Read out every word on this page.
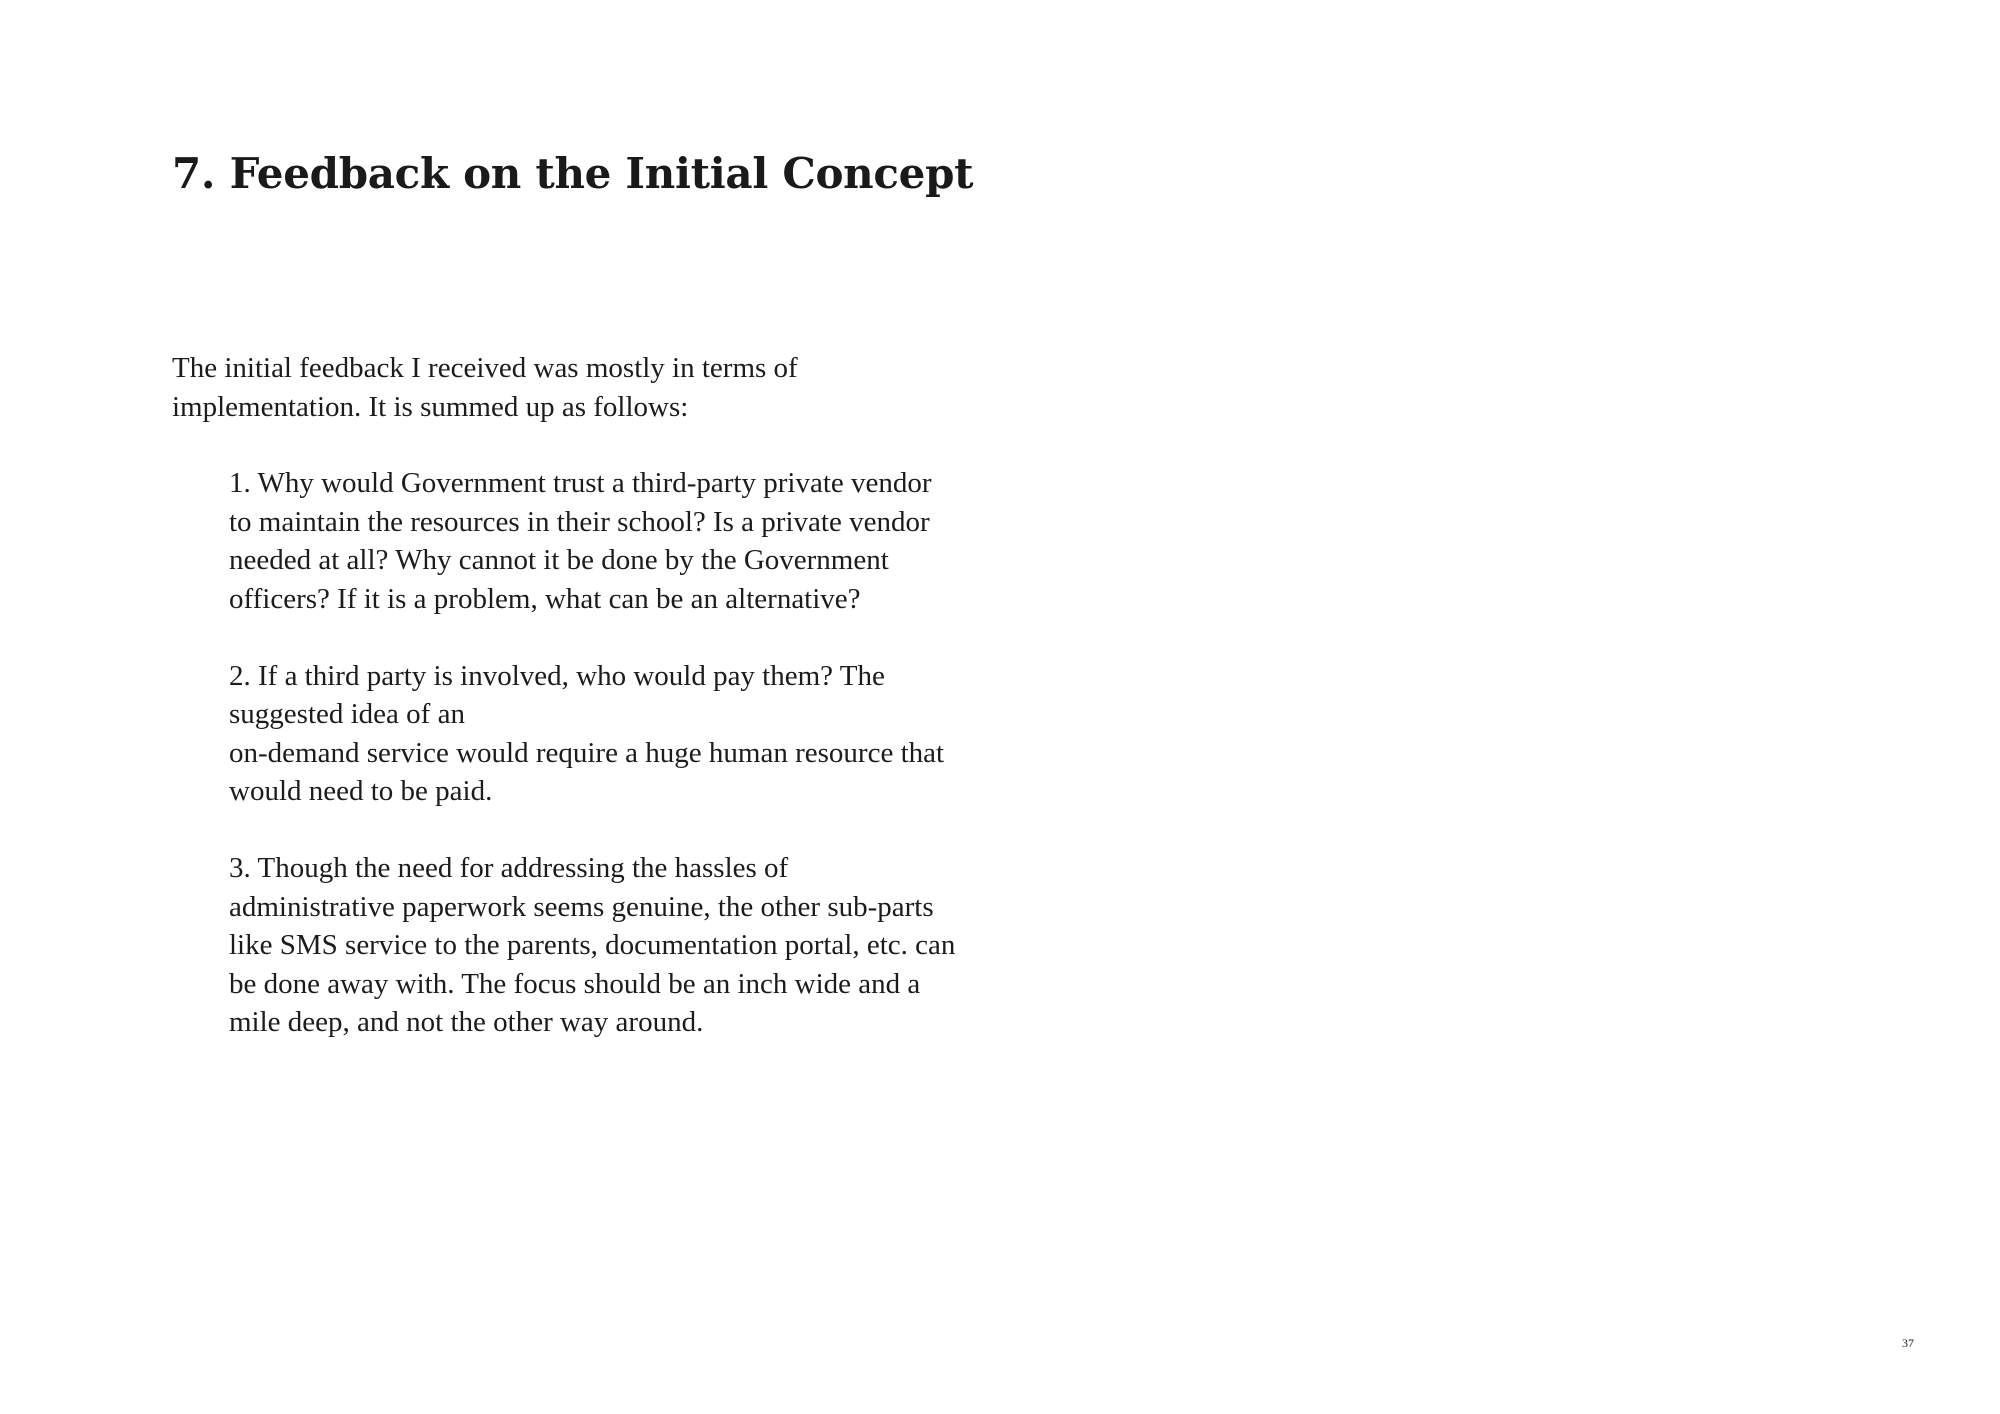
7. Feedback on the Initial Concept

The initial feedback I received was mostly in terms of
implementation. It is summed up as follows:

1. Why would Government trust a third-party private vendor
to maintain the resources in their school? Is a private vendor
needed at all? Why cannot it be done by the Government
officers? If it is a problem, what can be an alternative?
2. If a third party is involved, who would pay them? The
suggested idea of an
on-demand service would require a huge human resource that
would need to be paid.
3. Though the need for addressing the hassles of
administrative paperwork seems genuine, the other sub-parts
like SMS service to the parents, documentation portal, etc. can
be done away with. The focus should be an inch wide and a
mile deep, and not the other way around.
37
